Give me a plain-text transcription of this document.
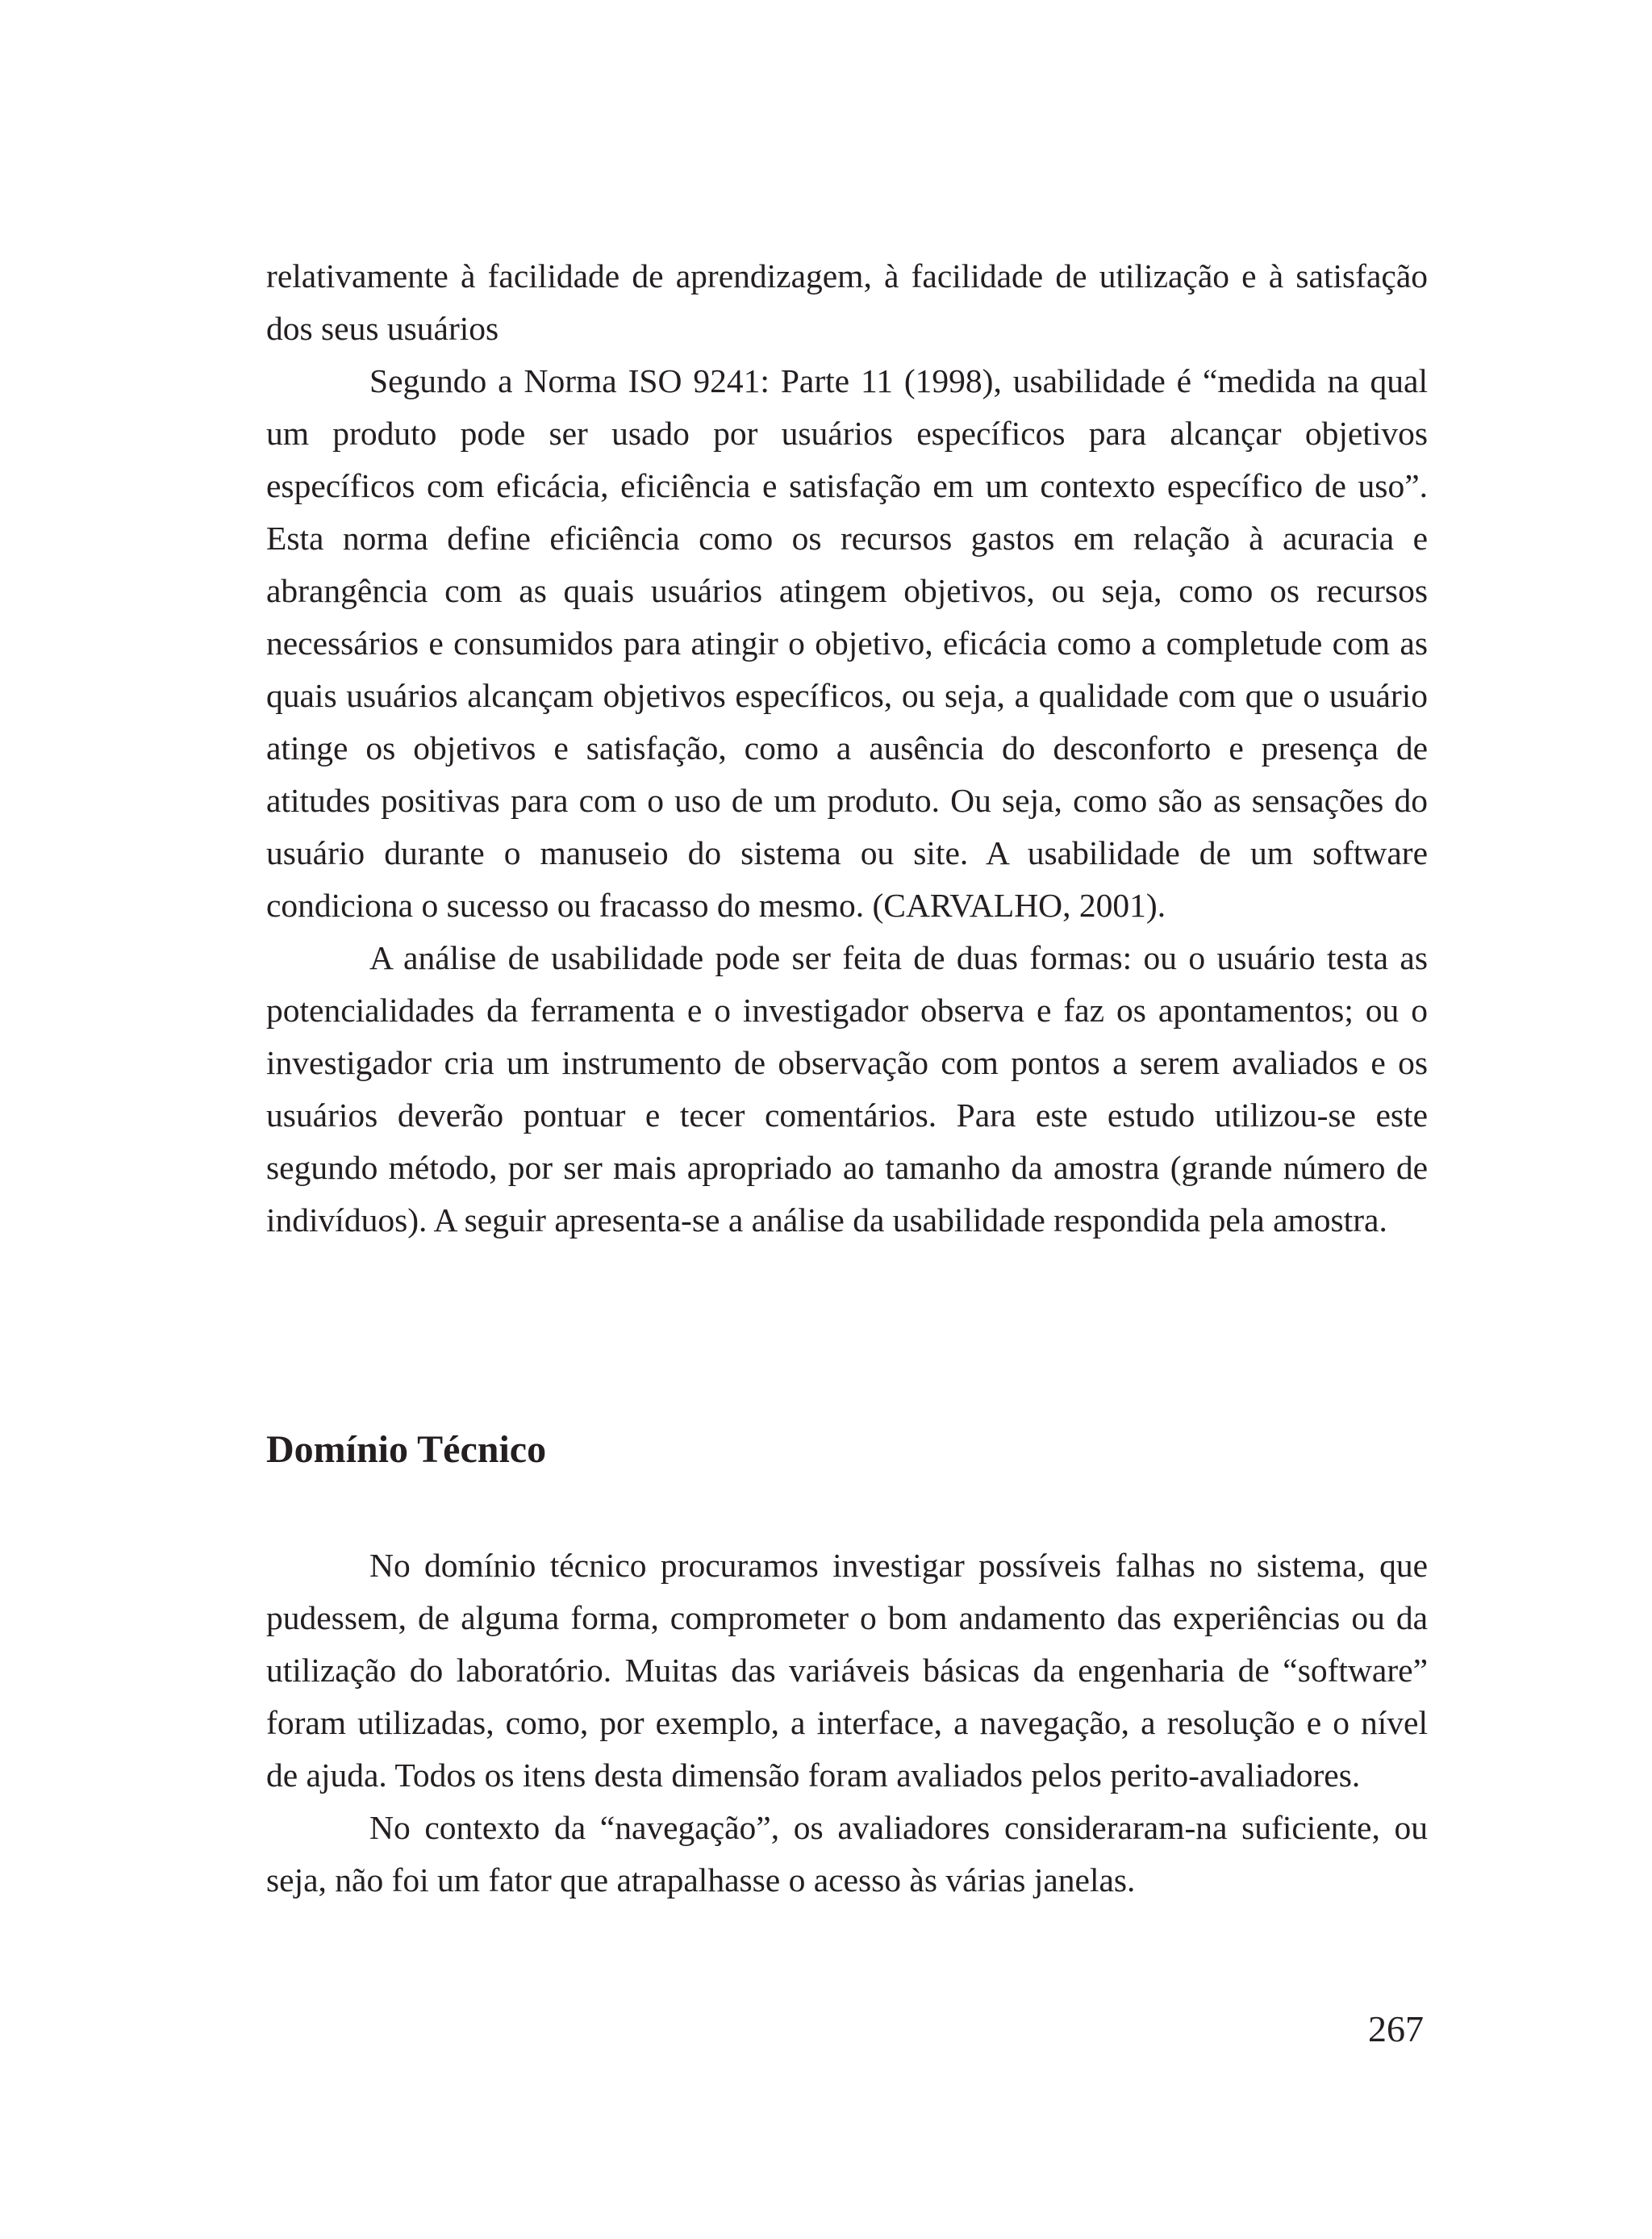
relativamente à facilidade de aprendizagem, à facilidade de utilização e à satisfação dos seus usuários

Segundo a Norma ISO 9241: Parte 11 (1998), usabilidade é “medida na qual um produto pode ser usado por usuários específicos para alcançar objetivos específicos com eficácia, eficiência e satisfação em um contexto específico de uso”. Esta norma define eficiência como os recursos gastos em relação à acuracia e abrangência com as quais usuários atingem objetivos, ou seja, como os recursos necessários e consumidos para atingir o objetivo, eficácia como a completude com as quais usuários alcançam objetivos específicos, ou seja, a qualidade com que o usuário atinge os objetivos e satisfação, como a ausência do desconforto e presença de atitudes positivas para com o uso de um produto. Ou seja, como são as sensações do usuário durante o manuseio do sistema ou site. A usabilidade de um software condiciona o sucesso ou fracasso do mesmo. (CARVALHO, 2001).

A análise de usabilidade pode ser feita de duas formas: ou o usuário testa as potencialidades da ferramenta e o investigador observa e faz os apontamentos; ou o investigador cria um instrumento de observação com pontos a serem avaliados e os usuários deverão pontuar e tecer comentários. Para este estudo utilizou-se este segundo método, por ser mais apropriado ao tamanho da amostra (grande número de indivíduos). A seguir apresenta-se a análise da usabilidade respondida pela amostra.

Domínio Técnico

No domínio técnico procuramos investigar possíveis falhas no sistema, que pudessem, de alguma forma, comprometer o bom andamento das experiências ou da utilização do laboratório. Muitas das variáveis básicas da engenharia de “software” foram utilizadas, como, por exemplo, a interface, a navegação, a resolução e o nível de ajuda. Todos os itens desta dimensão foram avaliados pelos perito-avaliadores.

No contexto da “navegação”, os avaliadores consideraram-na suficiente, ou seja, não foi um fator que atrapalhasse o acesso às várias janelas.

267
